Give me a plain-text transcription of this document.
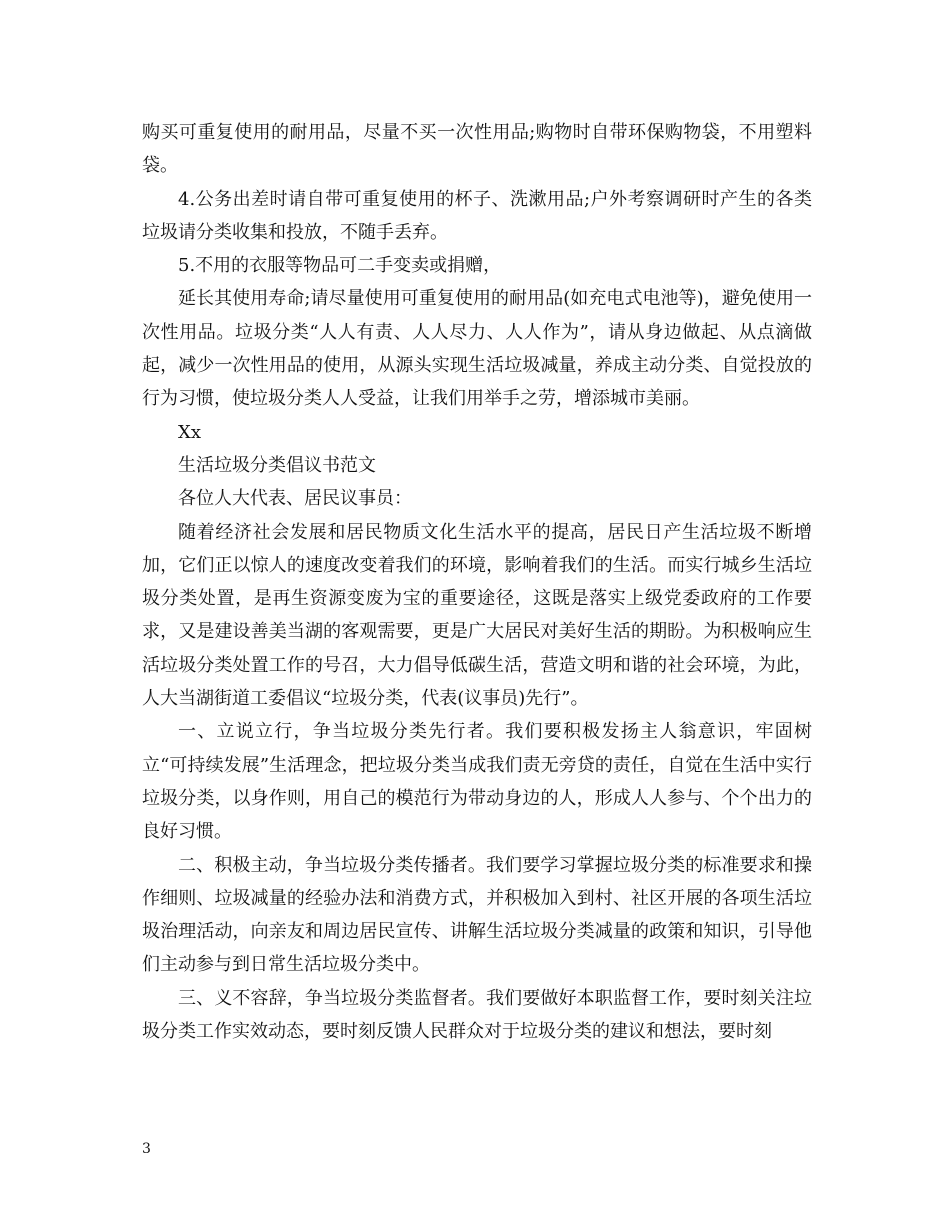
购买可重复使用的耐用品，尽量不买一次性用品;购物时自带环保购物袋，不用塑料袋。

4.公务出差时请自带可重复使用的杯子、洗漱用品;户外考察调研时产生的各类垃圾请分类收集和投放，不随手丢弃。

5.不用的衣服等物品可二手变卖或捐赠，

延长其使用寿命;请尽量使用可重复使用的耐用品(如充电式电池等)，避免使用一次性用品。垃圾分类“人人有责、人人尽力、人人作为”，请从身边做起、从点滴做起，减少一次性用品的使用，从源头实现生活垃圾减量，养成主动分类、自觉投放的行为习惯，使垃圾分类人人受益，让我们用举手之劳，增添城市美丽。

Xx

生活垃圾分类倡议书范文

各位人大代表、居民议事员：

随着经济社会发展和居民物质文化生活水平的提高，居民日产生活垃圾不断增加，它们正以惊人的速度改变着我们的环境，影响着我们的生活。而实行城乡生活垃圾分类处置，是再生资源变废为宝的重要途径，这既是落实上级党委政府的工作要求，又是建设善美当湖的客观需要，更是广大居民对美好生活的期盼。为积极响应生活垃圾分类处置工作的号召，大力倡导低碳生活，营造文明和谐的社会环境，为此，人大当湖街道工委倡议“垃圾分类，代表(议事员)先行”。

一、立说立行，争当垃圾分类先行者。我们要积极发扬主人翁意识，牢固树立“可持续发展”生活理念，把垃圾分类当成我们责无旁贷的责任，自觉在生活中实行垃圾分类，以身作则，用自己的模范行为带动身边的人，形成人人参与、个个出力的良好习惯。

二、积极主动，争当垃圾分类传播者。我们要学习掌握垃圾分类的标准要求和操作细则、垃圾减量的经验办法和消费方式，并积极加入到村、社区开展的各项生活垃圾治理活动，向亲友和周边居民宣传、讲解生活垃圾分类减量的政策和知识，引导他们主动参与到日常生活垃圾分类中。

三、义不容辞，争当垃圾分类监督者。我们要做好本职监督工作，要时刻关注垃圾分类工作实效动态，要时刻反馈人民群众对于垃圾分类的建议和想法，要时刻

3
